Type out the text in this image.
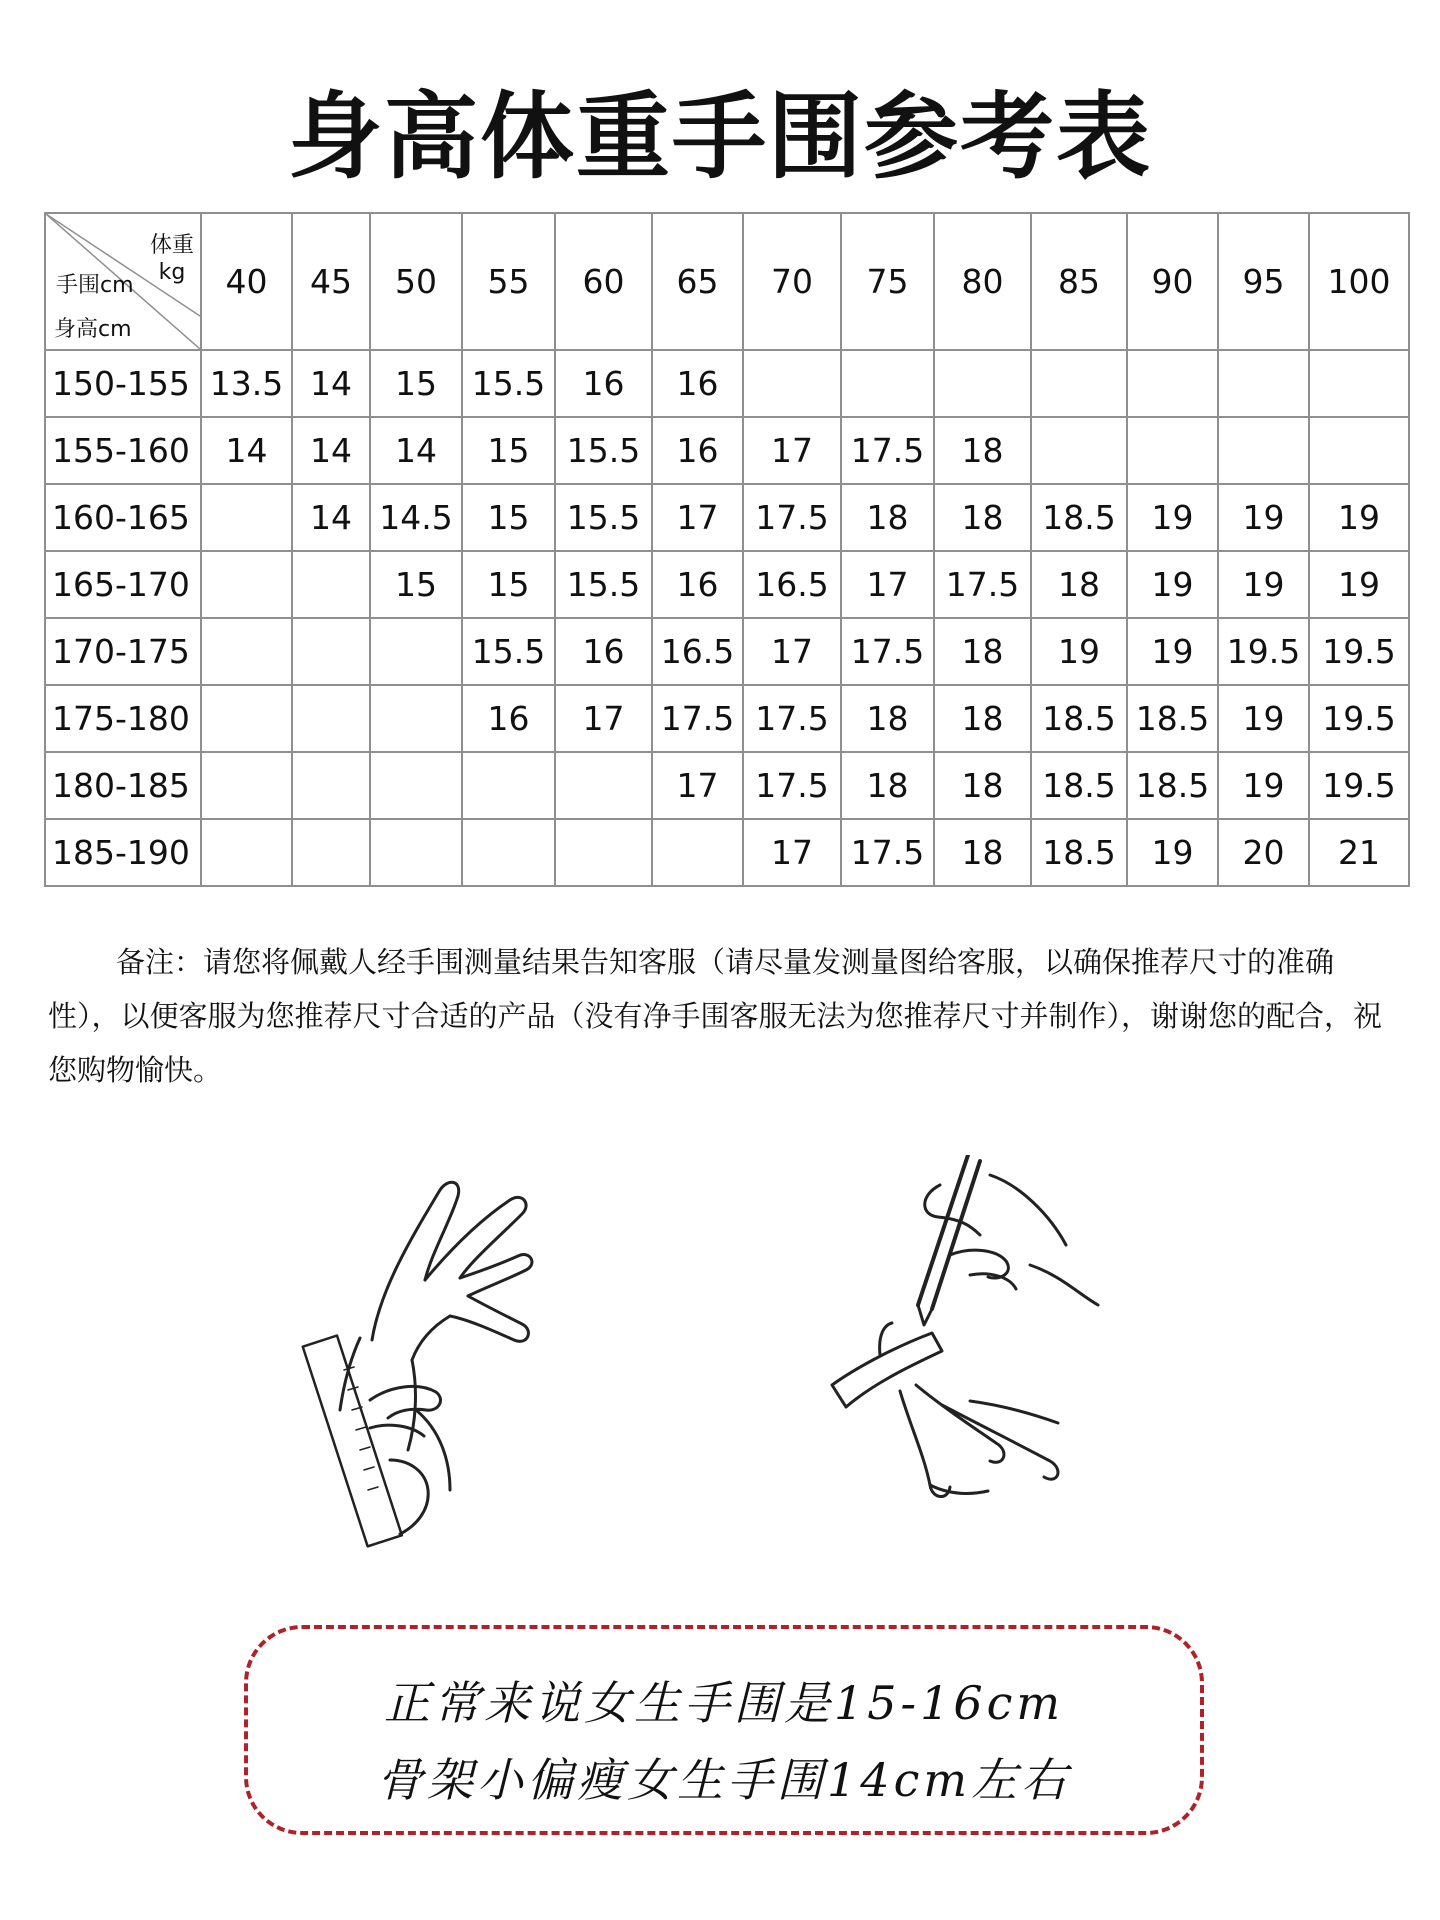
身高体重手围参考表
体重
kg
手围cm
身高cm	40	45	50	55	60	65	70	75	80	85	90	95	100
150-155	13.5	14	15	15.5	16	16							
155-160	14	14	14	15	15.5	16	17	17.5	18				
160-165		14	14.5	15	15.5	17	17.5	18	18	18.5	19	19	19
165-170			15	15	15.5	16	16.5	17	17.5	18	19	19	19
170-175				15.5	16	16.5	17	17.5	18	19	19	19.5	19.5
175-180				16	17	17.5	17.5	18	18	18.5	18.5	19	19.5
180-185						17	17.5	18	18	18.5	18.5	19	19.5
185-190							17	17.5	18	18.5	19	20	21
备注：请您将佩戴人经手围测量结果告知客服（请尽量发测量图给客服，以确保推荐尺寸的准确性），以便客服为您推荐尺寸合适的产品（没有净手围客服无法为您推荐尺寸并制作），谢谢您的配合，祝您购物愉快。
正常来说女生手围是15-16cm
骨架小偏瘦女生手围14cm左右
